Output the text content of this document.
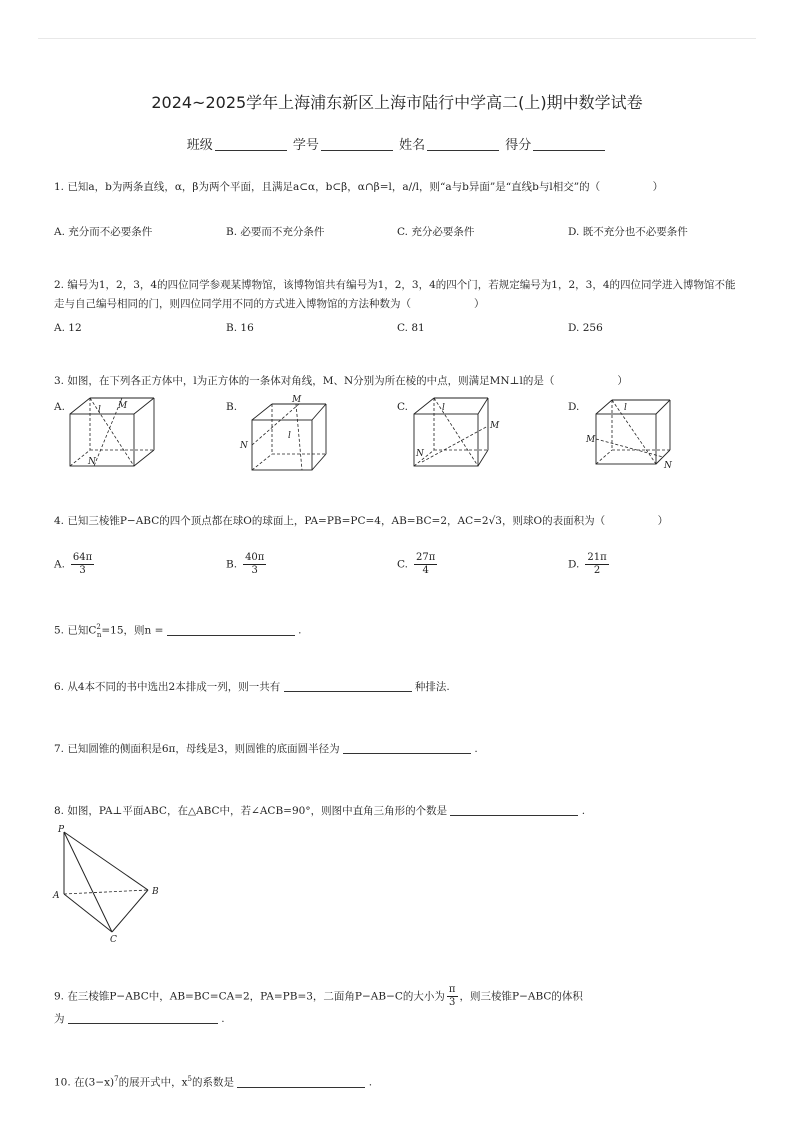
2024~2025学年上海浦东新区上海市陆行中学高二(上)期中数学试卷
班级	学号	姓名	得分
1. 已知a，b为两条直线，α，β为两个平面，且满足a⊂α，b⊂β，α∩β=l，a//l，则“a与b异面”是“直线b与l相交”的（　　　　　）
A. 充分而不必要条件	B. 必要而不充分条件	C. 充分必要条件	D. 既不充分也不必要条件
2. 编号为1，2，3，4的四位同学参观某博物馆，该博物馆共有编号为1，2，3，4的四个门，若规定编号为1，2，3，4的四位同学进入博物馆不能走与自己编号相同的门，则四位同学用不同的方式进入博物馆的方法种数为（　　　　　　）
A. 12	B. 16	C. 81	D. 256
3. 如图，在下列各正方体中，l为正方体的一条体对角线，M、N分别为所在棱的中点，则满足MN⊥l的是（　　　　　　）
A.	B.	C.	D.
l M
N
M
l
N
l
M
N
l
M
N
4. 已知三棱锥P−ABC的四个顶点都在球O的球面上，PA=PB=PC=4，AB=BC=2，AC=2√3，则球O的表面积为（　　　　　）
A. $\frac{64\pi}{3}$	B. $\frac{40\pi}{3}$	C. $\frac{27\pi}{4}$	D. $\frac{21\pi}{2}$
5. 已知$C^2_n=15$，则n =	.
6. 从4本不同的书中选出2本排成一列，则一共有	种排法.
7. 已知圆锥的侧面积是6π，母线是3，则圆锥的底面圆半径为	.
8. 如图，PA⊥平面ABC，在△ABC中，若∠ACB=90°，则图中直角三角形的个数是	.
P
A	B
C
9. 在三棱锥P−ABC中，AB=BC=CA=2，PA=PB=3，二面角P−AB−C的大小为 $\frac{\pi}{3}$ ，则三棱锥P−ABC的体积
为	.
10. 在$(3-x)^7$的展开式中，$x^5$的系数是	.
